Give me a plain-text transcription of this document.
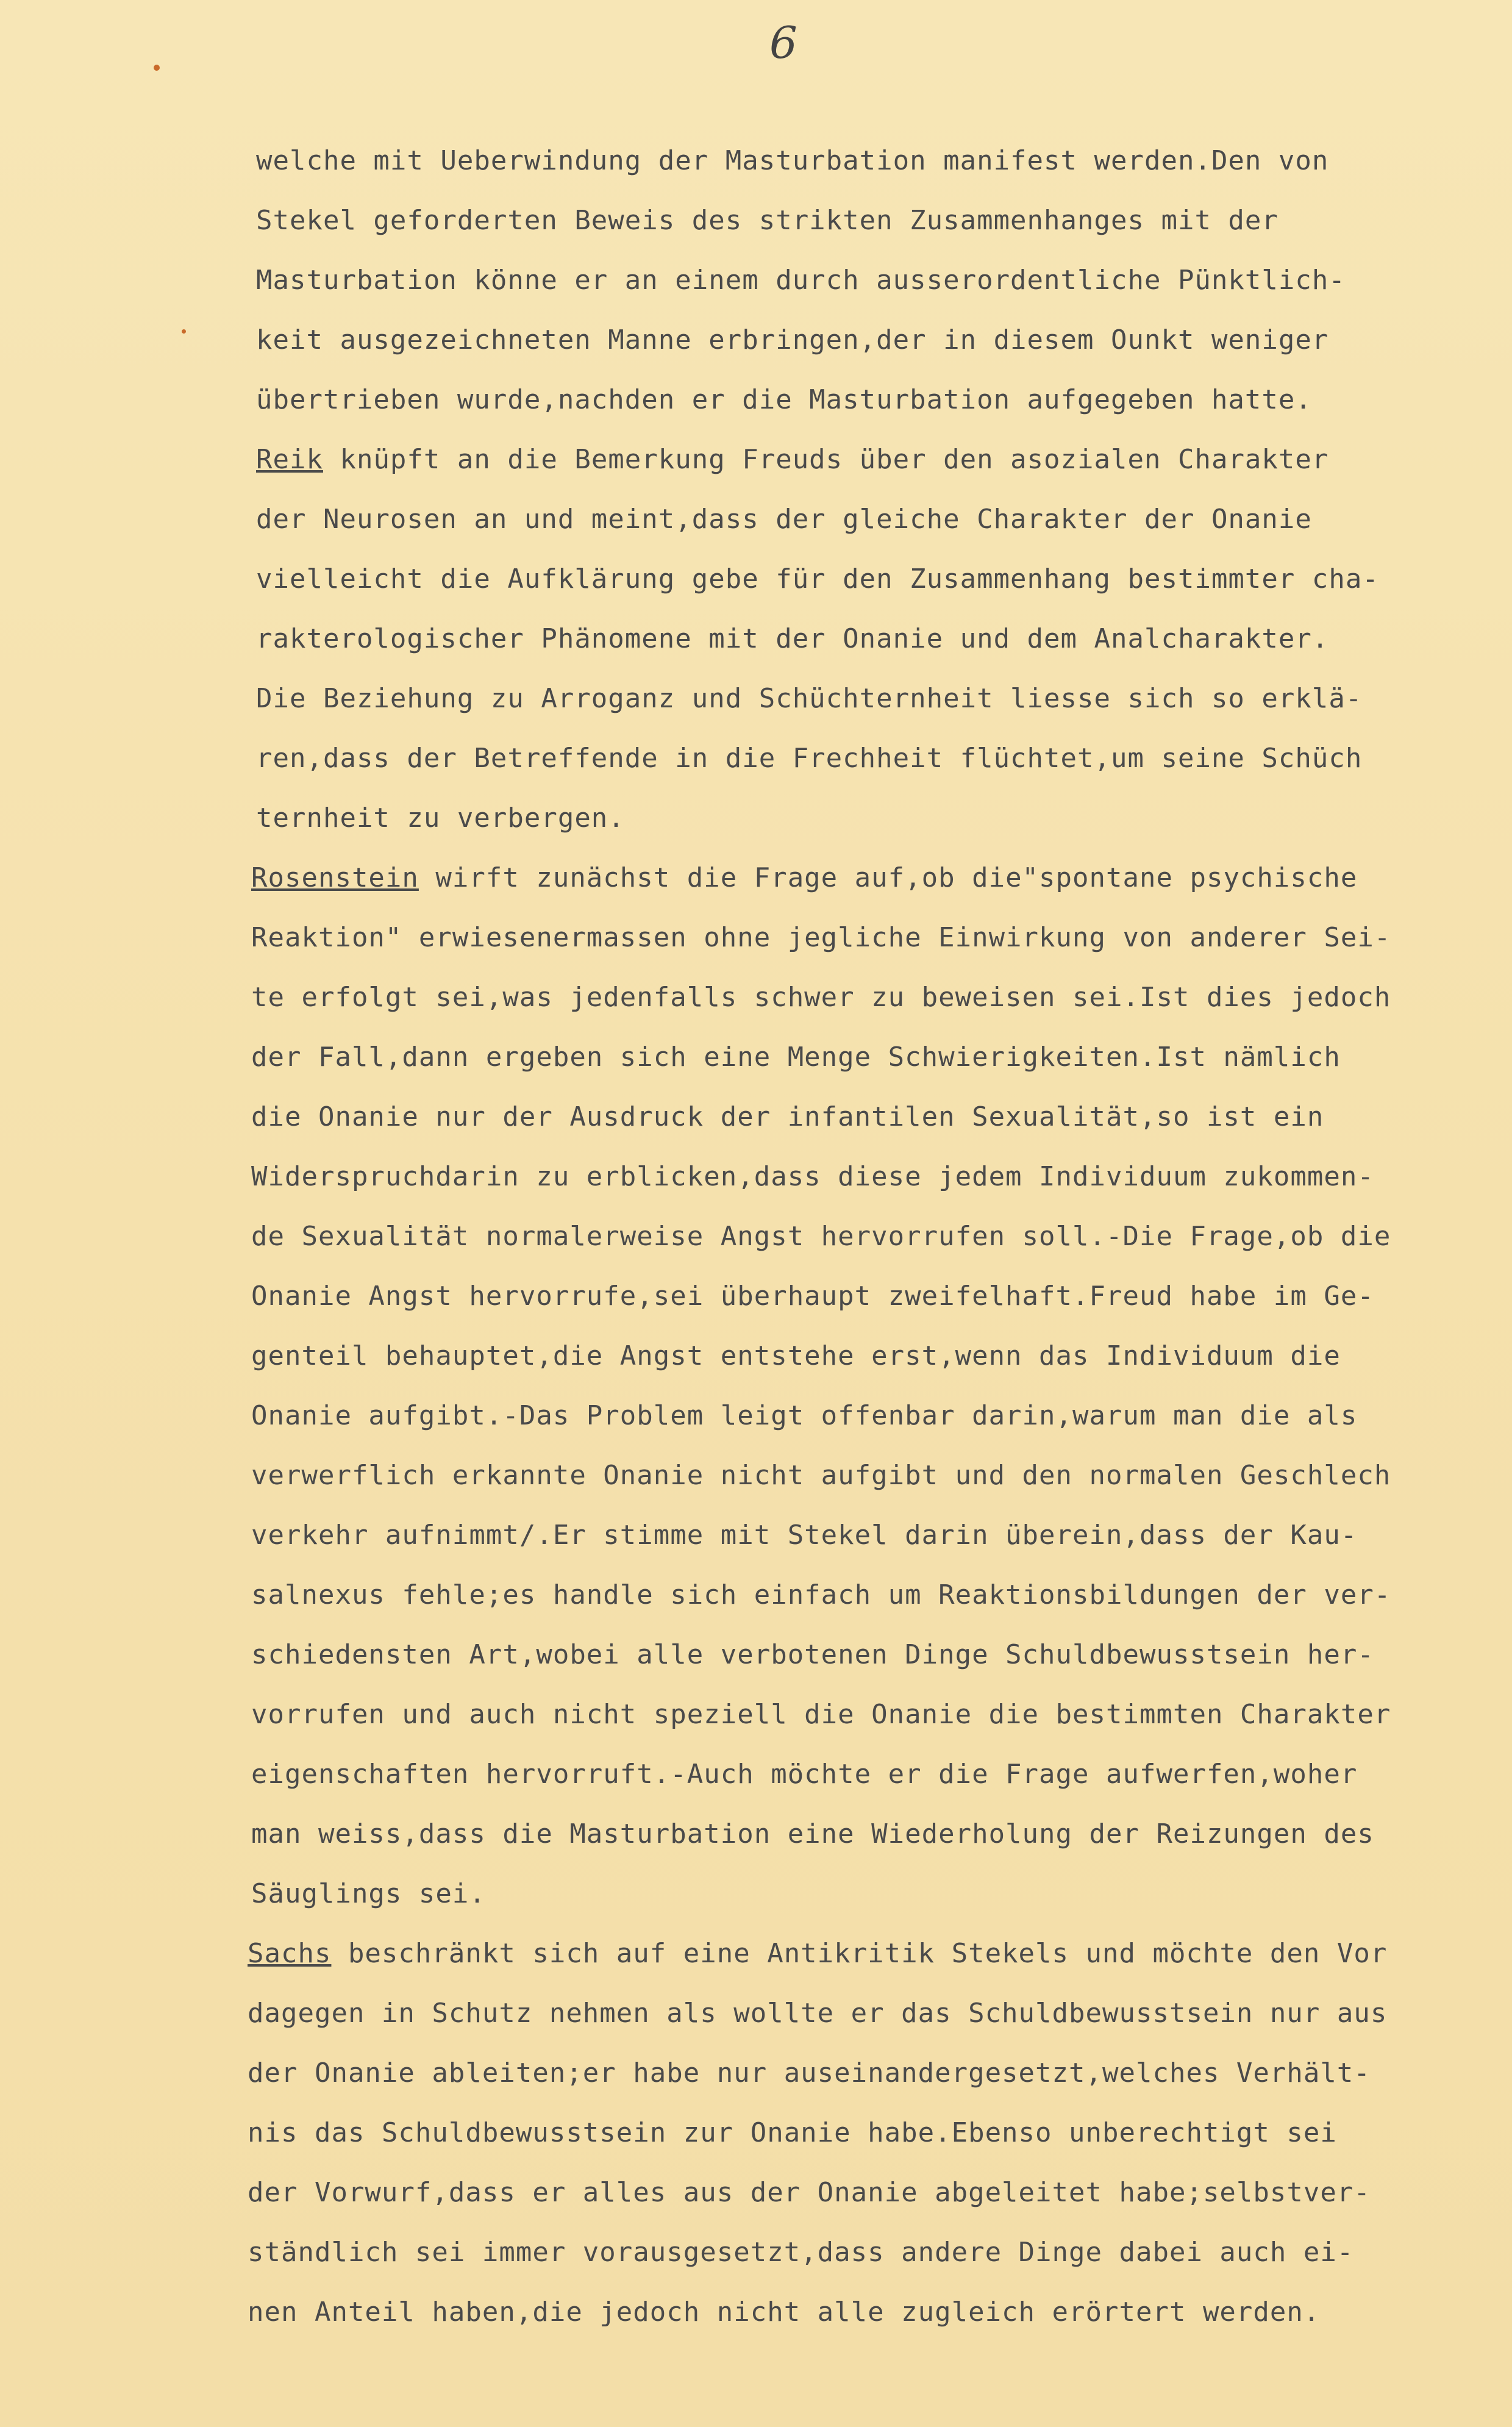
6
welche mit Ueberwindung der Masturbation manifest werden.Den von
Stekel geforderten Beweis des strikten Zusammenhanges mit der
Masturbation könne er an einem durch ausserordentliche Pünktlich-
keit ausgezeichneten Manne erbringen,der in diesem Ounkt weniger
übertrieben wurde,nachden er die Masturbation aufgegeben hatte.
Reik knüpft an die Bemerkung Freuds über den asozialen Charakter
der Neurosen an und meint,dass der gleiche Charakter der Onanie
vielleicht die Aufklärung gebe für den Zusammenhang bestimmter cha-
rakterologischer Phänomene mit der Onanie und dem Analcharakter.
Die Beziehung zu Arroganz und Schüchternheit liesse sich so erklä-
ren,dass der Betreffende in die Frechheit flüchtet,um seine Schüch
ternheit zu verbergen.
Rosenstein wirft zunächst die Frage auf,ob die"spontane psychische
Reaktion" erwiesenermassen ohne jegliche Einwirkung von anderer Sei-
te erfolgt sei,was jedenfalls schwer zu beweisen sei.Ist dies jedoch
der Fall,dann ergeben sich eine Menge Schwierigkeiten.Ist nämlich
die Onanie nur der Ausdruck der infantilen Sexualität,so ist ein
Widerspruchdarin zu erblicken,dass diese jedem Individuum zukommen-
de Sexualität normalerweise Angst hervorrufen soll.-Die Frage,ob die
Onanie Angst hervorrufe,sei überhaupt zweifelhaft.Freud habe im Ge-
genteil behauptet,die Angst entstehe erst,wenn das Individuum die
Onanie aufgibt.-Das Problem leigt offenbar darin,warum man die als
verwerflich erkannte Onanie nicht aufgibt und den normalen Geschlech
verkehr aufnimmt/.Er stimme mit Stekel darin überein,dass der Kau-
salnexus fehle;es handle sich einfach um Reaktionsbildungen der ver-
schiedensten Art,wobei alle verbotenen Dinge Schuldbewusstsein her-
vorrufen und auch nicht speziell die Onanie die bestimmten Charakter
eigenschaften hervorruft.-Auch möchte er die Frage aufwerfen,woher
man weiss,dass die Masturbation eine Wiederholung der Reizungen des
Säuglings sei.
Sachs beschränkt sich auf eine Antikritik Stekels und möchte den Vor
dagegen in Schutz nehmen als wollte er das Schuldbewusstsein nur aus
der Onanie ableiten;er habe nur auseinandergesetzt,welches Verhält-
nis das Schuldbewusstsein zur Onanie habe.Ebenso unberechtigt sei
der Vorwurf,dass er alles aus der Onanie abgeleitet habe;selbstver-
ständlich sei immer vorausgesetzt,dass andere Dinge dabei auch ei-
nen Anteil haben,die jedoch nicht alle zugleich erörtert werden.
